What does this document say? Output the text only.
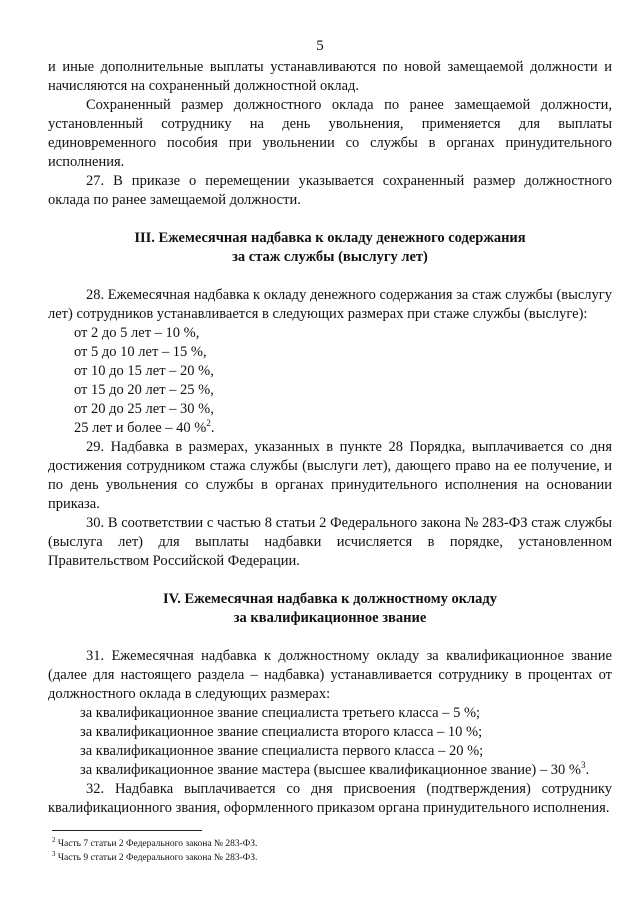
5

и иные дополнительные выплаты устанавливаются по новой замещаемой должности и начисляются на сохраненный должностной оклад.

Сохраненный размер должностного оклада по ранее замещаемой должности, установленный сотруднику на день увольнения, применяется для выплаты единовременного пособия при увольнении со службы в органах принудительного исполнения.

27. В приказе о перемещении указывается сохраненный размер должностного оклада по ранее замещаемой должности.

III. Ежемесячная надбавка к окладу денежного содержания

за стаж службы (выслугу лет)

28. Ежемесячная надбавка к окладу денежного содержания за стаж службы (выслугу лет) сотрудников устанавливается в следующих размерах при стаже службы (выслуге):

от 2 до 5 лет – 10 %,

от 5 до 10 лет – 15 %,

от 10 до 15 лет – 20 %,

от 15 до 20 лет – 25 %,

от 20 до 25 лет – 30 %,

25 лет и более – 40 %$^2$.

29. Надбавка в размерах, указанных в пункте 28 Порядка, выплачивается со дня достижения сотрудником стажа службы (выслуги лет), дающего право на ее получение, и по день увольнения со службы в органах принудительного исполнения на основании приказа.

30. В соответствии с частью 8 статьи 2 Федерального закона № 283-ФЗ стаж службы (выслуга лет) для выплаты надбавки исчисляется в порядке, установленном Правительством Российской Федерации.

IV. Ежемесячная надбавка к должностному окладу

за квалификационное звание

31. Ежемесячная надбавка к должностному окладу за квалификационное звание (далее для настоящего раздела – надбавка) устанавливается сотруднику в процентах от должностного оклада в следующих размерах:

за квалификационное звание специалиста третьего класса – 5 %;

за квалификационное звание специалиста второго класса – 10 %;

за квалификационное звание специалиста первого класса – 20 %;

за квалификационное звание мастера (высшее квалификационное звание) – 30 %$^3$.

32. Надбавка выплачивается со дня присвоения (подтверждения) сотруднику квалификационного звания, оформленного приказом органа принудительного исполнения.

$^2$ Часть 7 статьи 2 Федерального закона № 283-ФЗ.
$^3$ Часть 9 статьи 2 Федерального закона № 283-ФЗ.
